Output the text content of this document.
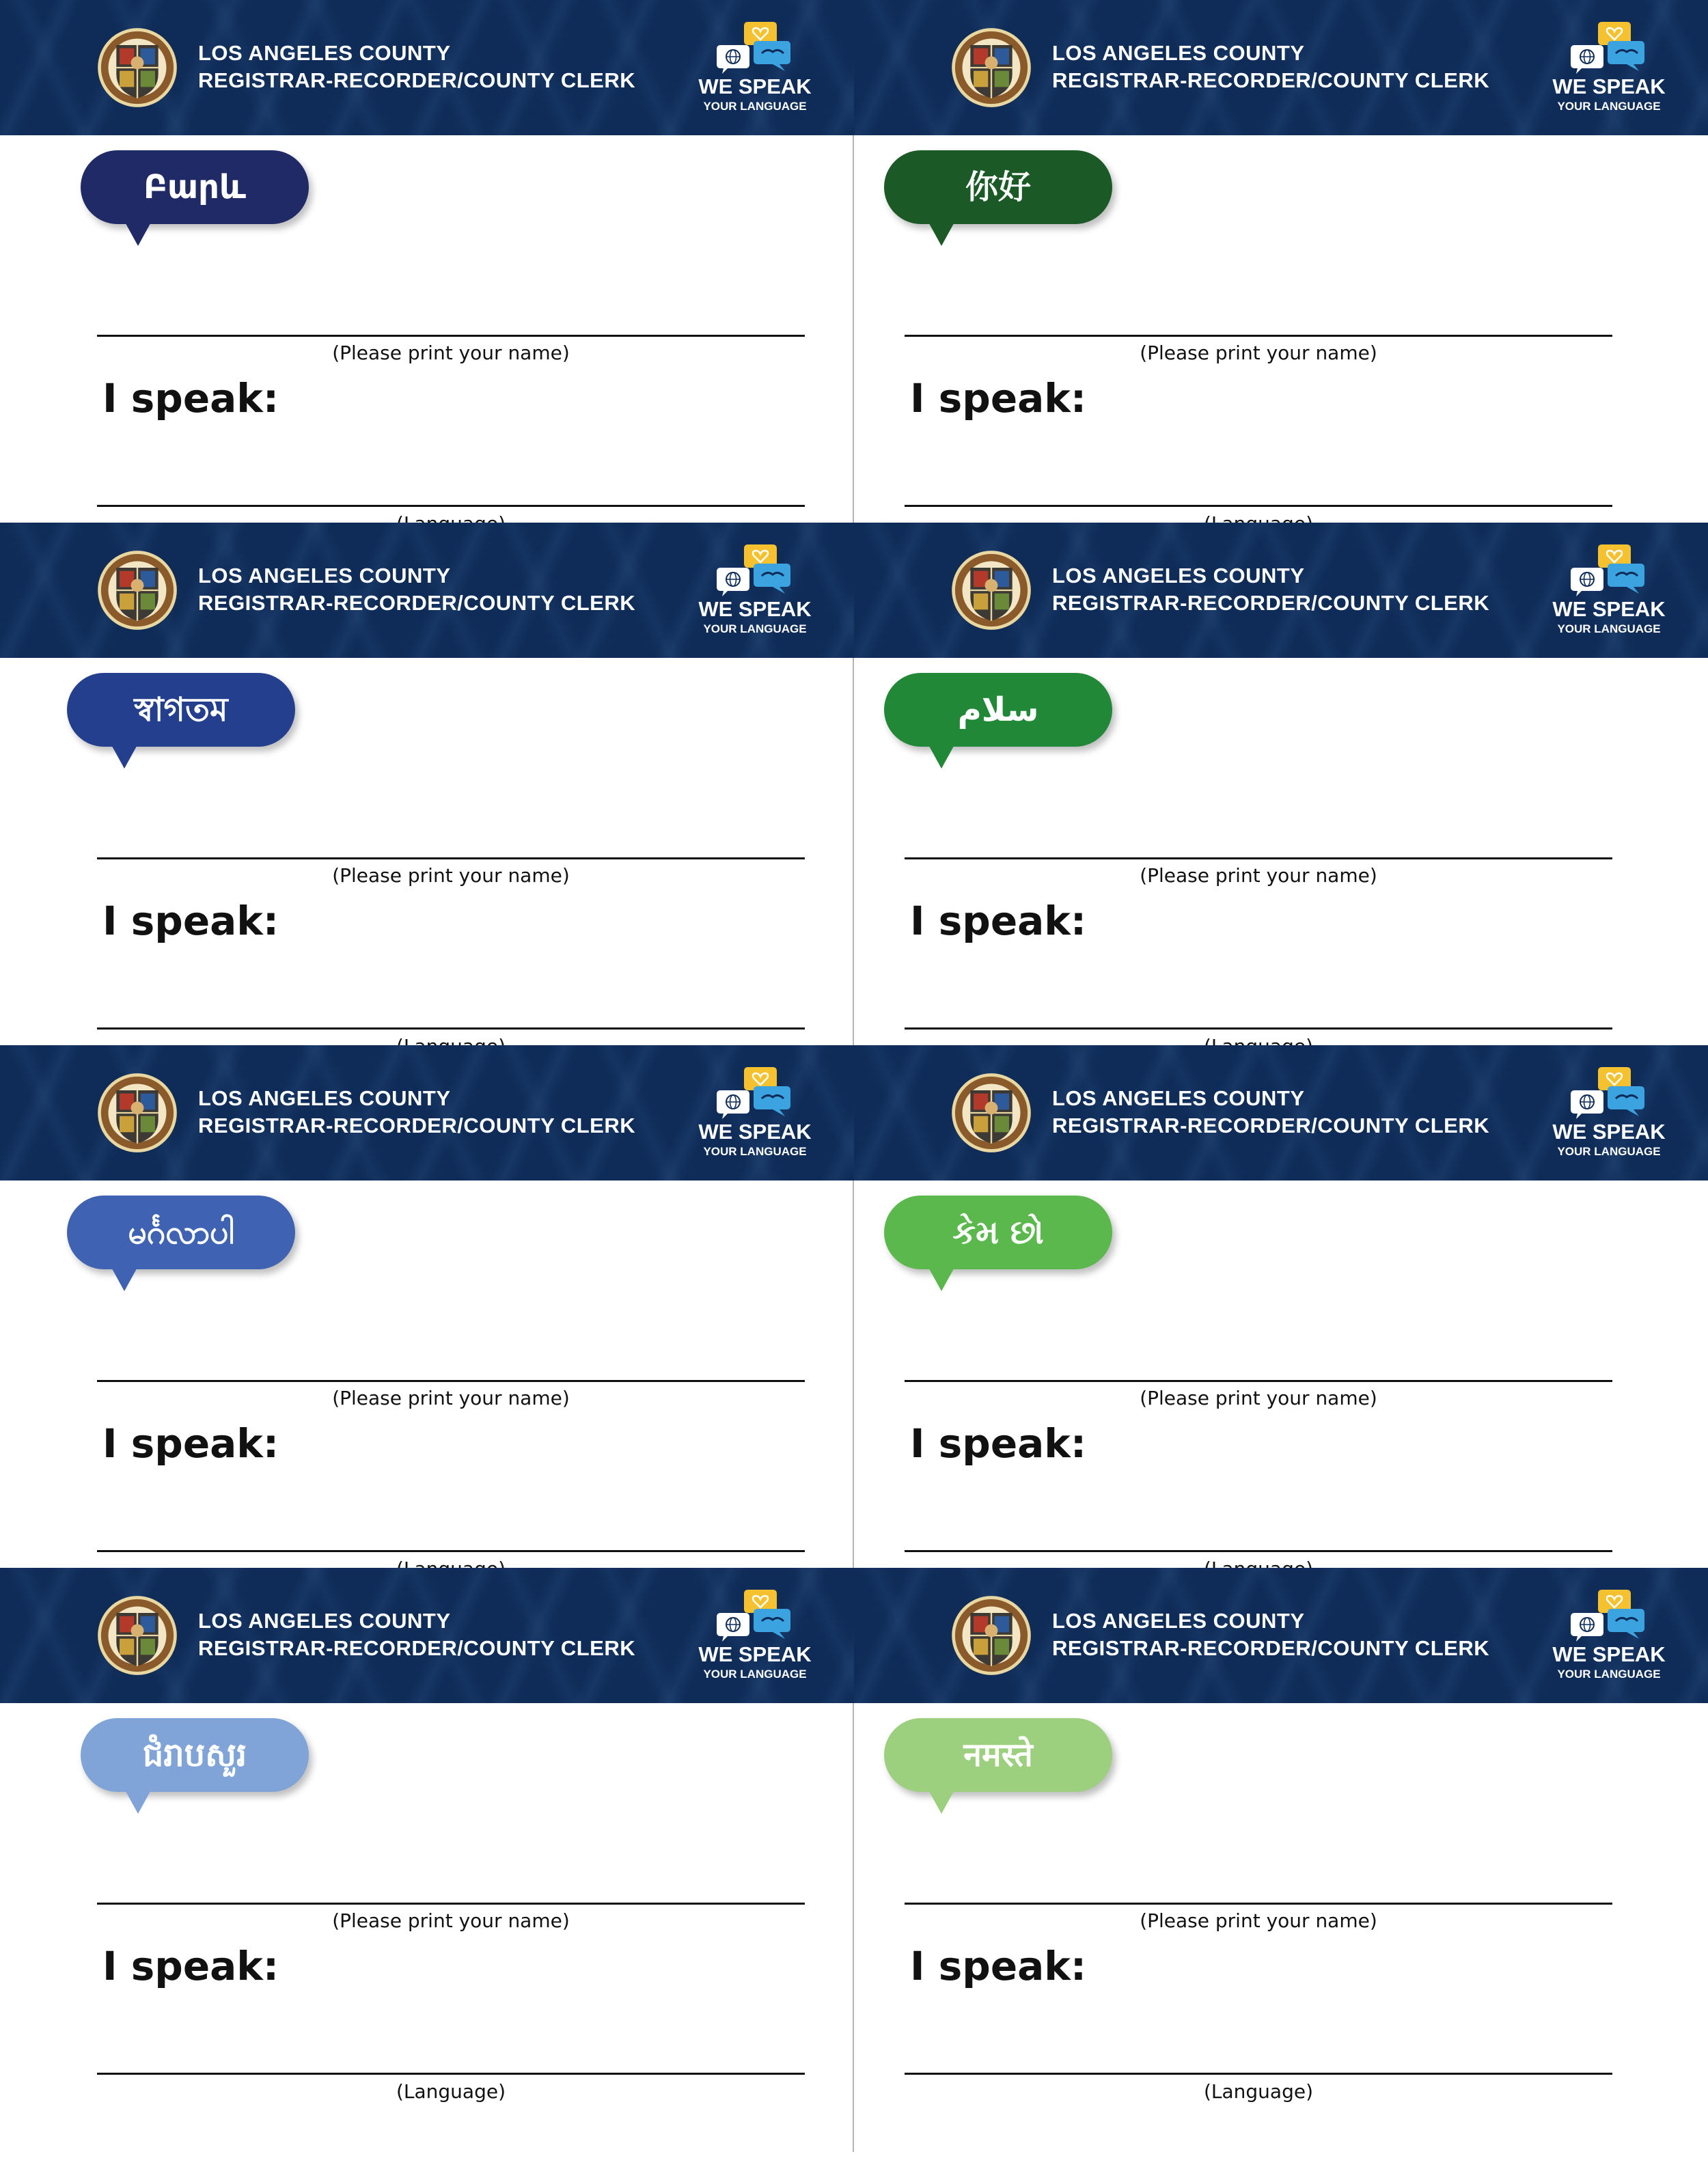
LOS ANGELES COUNTY
REGISTRAR-RECORDER/COUNTY CLERK	WE SPEAK
YOUR LANGUAGE
Բարև
(Please print your name)
I speak:
LOS ANGELES COUNTY
REGISTRAR-RECORDER/COUNTY CLERK	WE SPEAK
YOUR LANGUAGE
你好
(Please print your name)
I speak:
LOS ANGELES COUNTY
REGISTRAR-RECORDER/COUNTY CLERK	WE SPEAK
YOUR LANGUAGE
স্বাগতম
(Please print your name)
I speak:
LOS ANGELES COUNTY
REGISTRAR-RECORDER/COUNTY CLERK	WE SPEAK
YOUR LANGUAGE
سلام
(Please print your name)
I speak:
LOS ANGELES COUNTY
REGISTRAR-RECORDER/COUNTY CLERK	WE SPEAK
YOUR LANGUAGE
မင်္ဂလာပါ
(Please print your name)
I speak:
LOS ANGELES COUNTY
REGISTRAR-RECORDER/COUNTY CLERK	WE SPEAK
YOUR LANGUAGE
કેમ છો
(Please print your name)
I speak:
LOS ANGELES COUNTY
REGISTRAR-RECORDER/COUNTY CLERK	WE SPEAK
YOUR LANGUAGE
ជំរាបសួរ
(Please print your name)
I speak:
(Language)
LOS ANGELES COUNTY
REGISTRAR-RECORDER/COUNTY CLERK	WE SPEAK
YOUR LANGUAGE
नमस्ते
(Please print your name)
I speak:
(Language)
